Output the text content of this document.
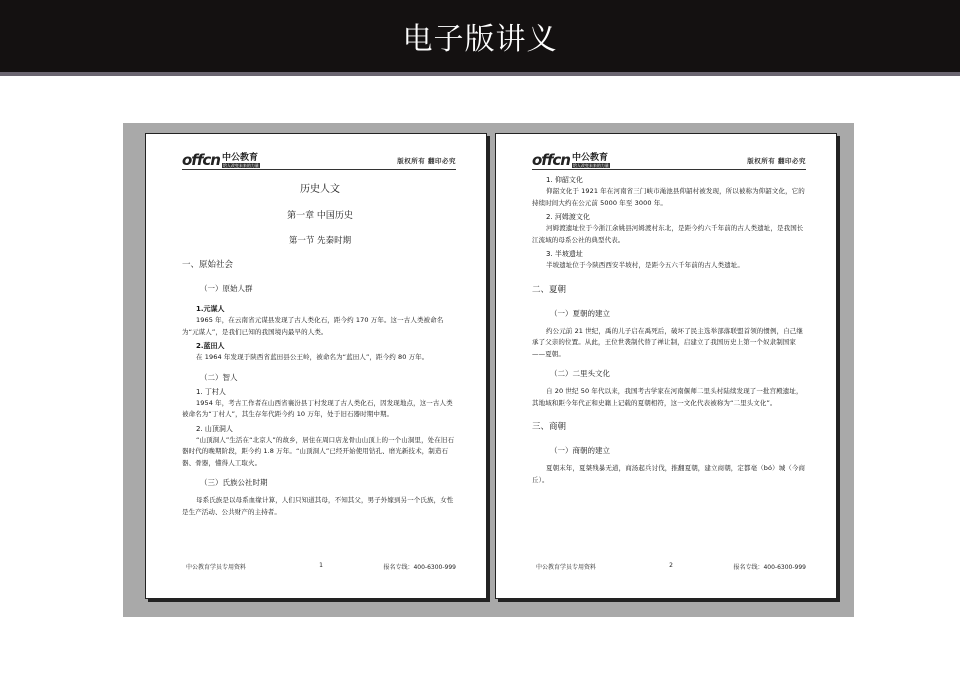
电子版讲义
offcn 中公教育
给人改变未来的力量
版权所有 翻印必究
历史人文
第一章 中国历史
第一节 先秦时期
一、原始社会
（一）原始人群
1.元谋人
1965 年，在云南省元谋县发现了古人类化石，距今约 170 万年。这一古人类被命名为“元谋人”，是我们已知的我国境内最早的人类。
2.蓝田人
在 1964 年发现于陕西省蓝田县公王岭，被命名为“蓝田人”，距今约 80 万年。
（二）智人
1. 丁村人
1954 年，考古工作者在山西省襄汾县丁村发现了古人类化石，因发现地点，这一古人类被命名为“丁村人”，其生存年代距今约 10 万年，处于旧石器时期中期。
2. 山顶洞人
“山顶洞人”生活在“北京人”的故乡，居住在周口店龙骨山山顶上的一个山洞里，处在旧石器时代的晚期阶段，距今约 1.8 万年。“山顶洞人”已经开始使用钻孔、磨光新技术，制造石器、骨器，懂得人工取火。
（三）氏族公社时期
母系氏族是以母系血缘计算，人们只知道其母，不知其父，男子外嫁到另一个氏族，女性是生产活动、公共财产的主持者。
中公教育学员专用资料	1	报名专线：400-6300-999
offcn 中公教育
给人改变未来的力量
版权所有 翻印必究
1. 仰韶文化
仰韶文化于 1921 年在河南省三门峡市渑池县仰韶村被发现，所以被称为仰韶文化，它的持续时间大约在公元前 5000 年至 3000 年。
2. 河姆渡文化
河姆渡遗址位于今浙江余姚县河姆渡村东北，是距今约六千年前的古人类遗址，是我国长江流域的母系公社的典型代表。
3. 半坡遗址
半坡遗址位于今陕西西安半坡村，是距今五六千年前的古人类遗址。
二、夏朝
（一）夏朝的建立
约公元前 21 世纪，禹的儿子启在禹死后，破坏了民主选举部落联盟首领的惯例，自己继承了父亲的位置。从此，王位世袭制代替了禅让制，启建立了我国历史上第一个奴隶制国家——夏朝。
（二）二里头文化
自 20 世纪 50 年代以来，我国考古学家在河南偃师二里头村陆续发现了一批宫殿遗址，其地域和距今年代正和史籍上记载的夏朝相符，这一文化代表被称为“二里头文化”。
三、商朝
（一）商朝的建立
夏朝末年，夏桀残暴无道，商汤起兵讨伐，推翻夏朝，建立商朝，定都亳（bó）城（今商丘）。
中公教育学员专用资料	2	报名专线：400-6300-999
